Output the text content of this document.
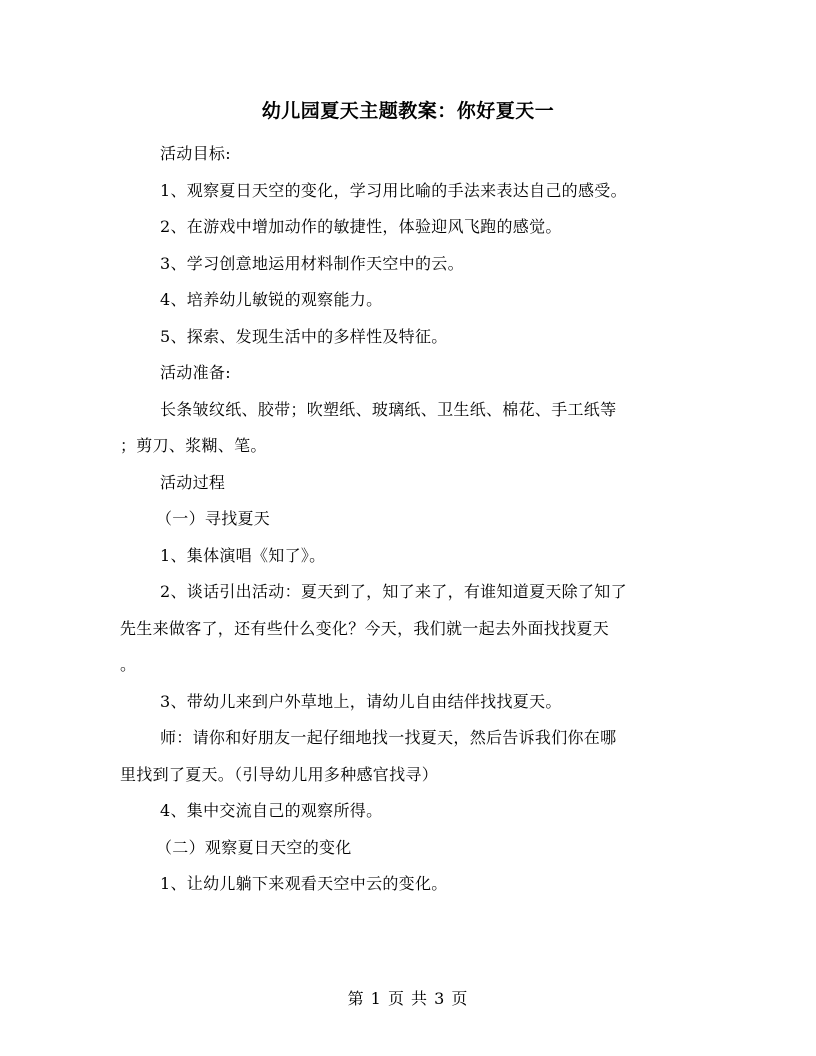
幼儿园夏天主题教案：你好夏天一
活动目标:
1、观察夏日天空的变化，学习用比喻的手法来表达自己的感受。
2、在游戏中增加动作的敏捷性，体验迎风飞跑的感觉。
3、学习创意地运用材料制作天空中的云。
4、培养幼儿敏锐的观察能力。
5、探索、发现生活中的多样性及特征。
活动准备:
长条皱纹纸、胶带；吹塑纸、玻璃纸、卫生纸、棉花、手工纸等
；剪刀、浆糊、笔。
活动过程
（一）寻找夏天
1、集体演唱《知了》。
2、谈话引出活动：夏天到了，知了来了，有谁知道夏天除了知了
先生来做客了，还有些什么变化？今天，我们就一起去外面找找夏天
。
3、带幼儿来到户外草地上，请幼儿自由结伴找找夏天。
师：请你和好朋友一起仔细地找一找夏天，然后告诉我们你在哪
里找到了夏天。（引导幼儿用多种感官找寻）
4、集中交流自己的观察所得。
（二）观察夏日天空的变化
1、让幼儿躺下来观看天空中云的变化。
第 1 页 共 3 页
